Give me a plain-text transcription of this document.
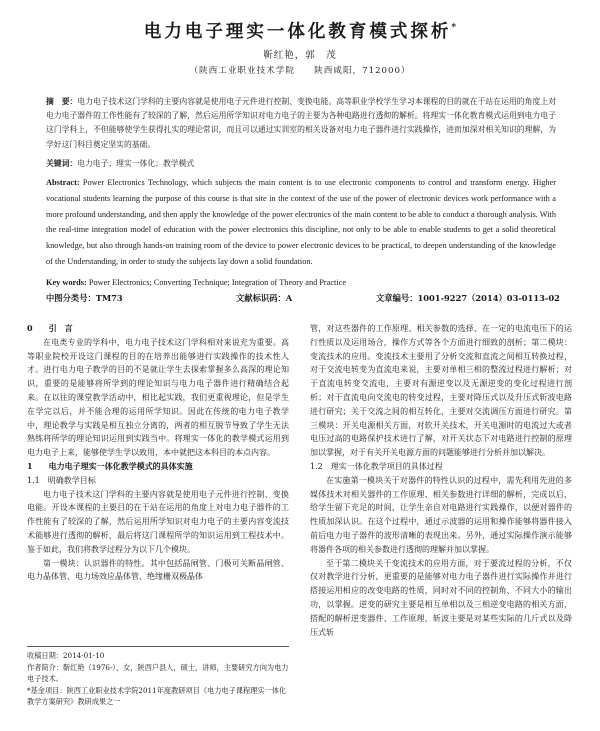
电力电子理实一体化教育模式探析*
靳红艳，郭　茂
（陕西工业职业技术学院　　陕西咸阳，712000）
摘　要：电力电子技术这门学科的主要内容就是使用电子元件进行控制、变换电能。高等职业学校学生学习本课程的目的就在于站在运用的角度上对电力电子器件的工作性能有了较深的了解，然后运用所学知识对电力电子的主要为各种电路进行透彻的解析。将理实一体化教育模式运用到电力电子这门学科上，不但能够使学生获得扎实的理论常识，而且可以通过实训室的相关设备对电力电子器件进行实践操作，进而加深对相关知识的理解，为学好这门科目奠定坚实的基础。
关键词：电力电子；理实一体化；教学模式
Abstract: Power Electronics Technology, which subjects the main content is to use electronic components to control and transform energy. Higher vocational students learning the purpose of this course is that site in the context of the use of the power of electronic devices work performance with a more profound understanding, and then apply the knowledge of the power electronics of the main content to be able to conduct a thorough analysis. With the real-time integration model of education with the power electronics this discipline, not only to be able to enable students to get a solid theoretical knowledge, but also through hands-on training room of the device to power electronic devices to be practical, to deepen understanding of the knowledge of the Understanding, in order to study the subjects lay down a solid foundation.
Key words: Power Electronics; Converting Technique; Integration of Theory and Practice
中图分类号：TM73	文献标识码：A	文章编号：1001-9227（2014）03-0113-02

0　　引　言

在电类专业的学科中，电力电子技术这门学科相对来说充为重要。高等职业院校开设这门课程的目的在培养出能够进行实践操作的技术性人才。进行电力电子教学的目的不是就让学生去探索掌握多么高深的理论知识，重要的是能够将所学到的理论知识与电力电子器件进行精确结合起来。在以往的课堂教学活动中，相比起实践，我们更重视理论，但是学生在学完以后，并不能合理的运用所学知识。因此在传统的电力电子教学中，理论教学与实践是相互独立分离的，两者的相互脱节导致了学生无法熟练将所学的理论知识运用到实践当中。将理实一体化的教学模式运用到电力电子上来，能够使学生学以致用，本中就把这本科目的本点内容。

1　　电力电子理实一体化教学模式的具体实施

1.1　明确教学目标

电力电子技术这门学科的主要内容就是使用电子元件进行控制、变换电能。开设本课程的主要目的在于站在运用的角度上对电力电子器件的工作性能有了较深的了解，然后运用所学知识对电力电子的主要内容变流技术能够进行透彻的解析，最后将这门课程所学的知识运用到工程技术中。鉴于如此，我们将教学过程分为以下几个模块。

第一模块：认识器件的特性。其中包括晶闸管、门极可关断晶闸管、电力晶体管、电力场效应晶体管、绝缘栅双极晶体

管，对这些器件的工作原理、相关参数的选择、在一定的电流电压下的运行性质以及运用场合，操作方式等各个方面进行细致的剖析；第二模块：变流技术的应用。变流技术主要用了分析交流和直流之间相互转换过程，对于交流电转变为直流电来说，主要对单相三相的整流过程进行解析；对于直流电转变交流电，主要对有源逆变以及无源逆变的变化过程进行剖析；对于直流电向交流电的转变过程，主要对降压式以及升压式斩波电路进行研究；关于交流之间的相互转化，主要对交流调压方面进行研究。第三模块：开关电源相关方面，对软开关技术，开关电源时的电流过大或者电压过高的电路保护技术进行了解，对开关状态下对电路进行控制的原理加以掌握，对于有关开关电源方面的问题能够进行分析并加以解决。

1.2　理实一体化教学项目的具体过程

在实施第一模块关于对器件的特性认识的过程中，需先利用先进的多媒体技术对相关器件的工作原理、相关参数进行详细的解析，完成以后，给学生留下充足的时间，让学生亲自对电路进行实践操作，以便对器件的性质加深认识。在这个过程中，通过示波器的运用和操作能够将器件接入前后电力电子器件的波形清晰的表现出来。另外，通过实际操作演示能够将器件各项的相关参数进行透彻的理解并加以掌握。

至于第二模块关于变流技术的应用方面，对于要流过程的分析，不仅仅对教学进行分析，更重要的是能够对电力电子器件进行实际操作并进行搭接运用相应的改变电路的性质，同时对不同的控制角、不同大小的输出功，以掌握。逆变的研究主要是相互单相以及三相逆变电路的相关方面，搭配的解析逆变器件、工作原理，斩波主要是对某些实际的几斤式以及降压式斩

收稿日期：2014-01-10

作者简介：靳红艳（1976-），女，陕西户县人，硕士，讲师，主要研究方向为电力电子技术。

*基金项目：陕西工业职业技术学院2011年度教研项目《电力电子课程理实一体化教学方案研究》教研成果之一
